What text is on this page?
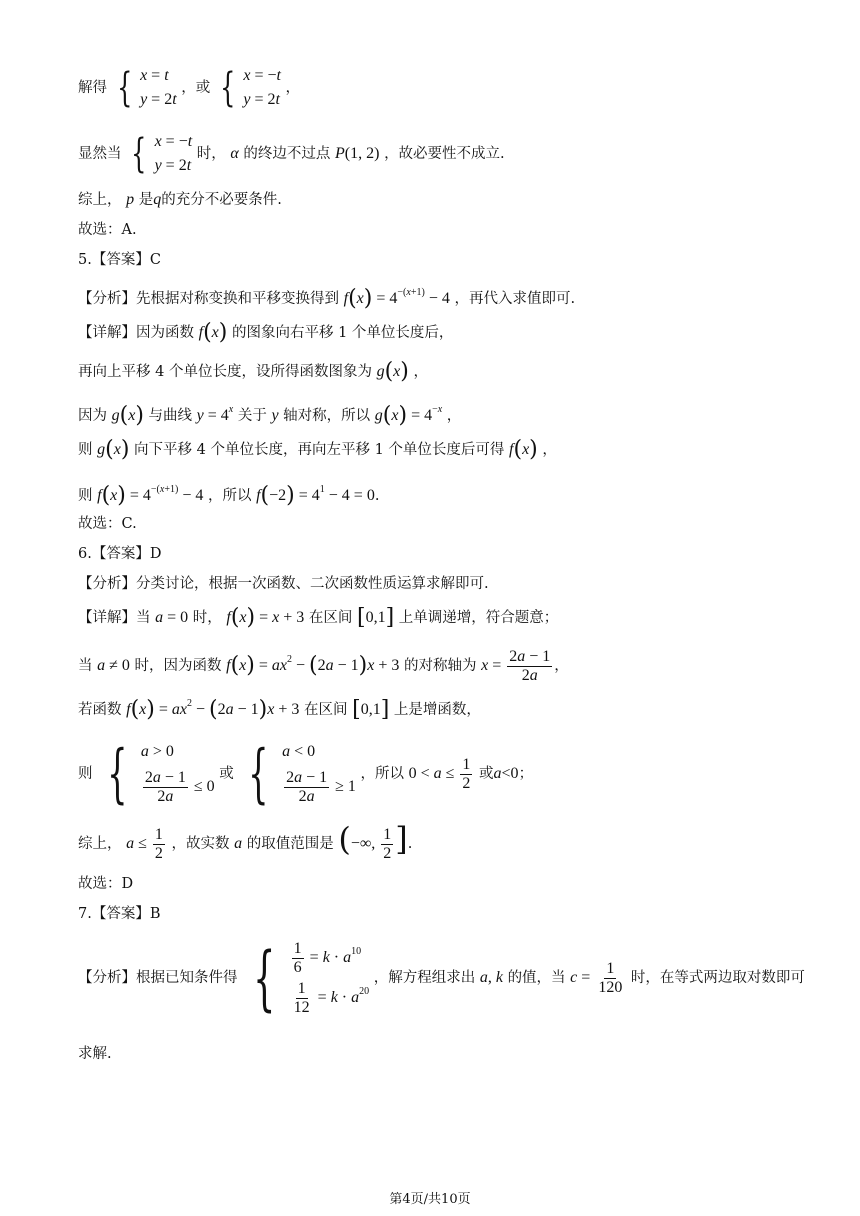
解得 { x = t
y = 2t
，或 { x = −t
y = 2t
，
显然当 { x = −t
y = 2t
时， α 的终边不过点 P(1, 2) ，故必要性不成立.
综上， p 是q的充分不必要条件.
故选：A.
5.【答案】C
【分析】先根据对称变换和平移变换得到 $f(x) = 4^{-(x+1)} - 4$ ，再代入求值即可.
【详解】因为函数 f(x) 的图象向右平移 1 个单位长度后，
再向上平移 4 个单位长度，设所得函数图象为 g(x) ，
因为 g(x) 与曲线 $y = 4^x$ 关于 y 轴对称，所以 $g(x) = 4^{-x}$ ，
则 g(x) 向下平移 4 个单位长度，再向左平移 1 个单位长度后可得 f(x) ，
则 $f(x) = 4^{-(x+1)} - 4$ ，所以 $f(-2) = 4^1 - 4 = 0$.
故选：C.
6.【答案】D
【分析】分类讨论，根据一次函数、二次函数性质运算求解即可.
【详解】当 a = 0 时， f(x) = x + 3 在区间 [0,1] 上单调递增，符合题意；
当 a ≠ 0 时，因为函数 $f(x) = ax^2 - (2a - 1)x + 3$ 的对称轴为 $x = \frac{2a - 1}{2a}$ ，
若函数 $f(x) = ax^2 - (2a - 1)x + 3$ 在区间 [0,1] 上是增函数，
则 { a > 0
$\frac{2a - 1}{2a} \le 0$
或 { a < 0
$\frac{2a - 1}{2a} \ge 1$
，所以 $0 < a \le \frac{1}{2}$ 或a<0；
综上， $a \le \frac{1}{2}$ ，故实数 a 的取值范围是 (−∞, $\frac{1}{2}$ ].
故选：D
7.【答案】B
【分析】根据已知条件得 { $\frac{1}{6} = k \cdot a^{10}$
$\frac{1}{12} = k \cdot a^{20}$
，解方程组求出 a, k 的值，当 $c = \frac{1}{120}$ 时，在等式两边取对数即可
求解.
第4页/共10页
